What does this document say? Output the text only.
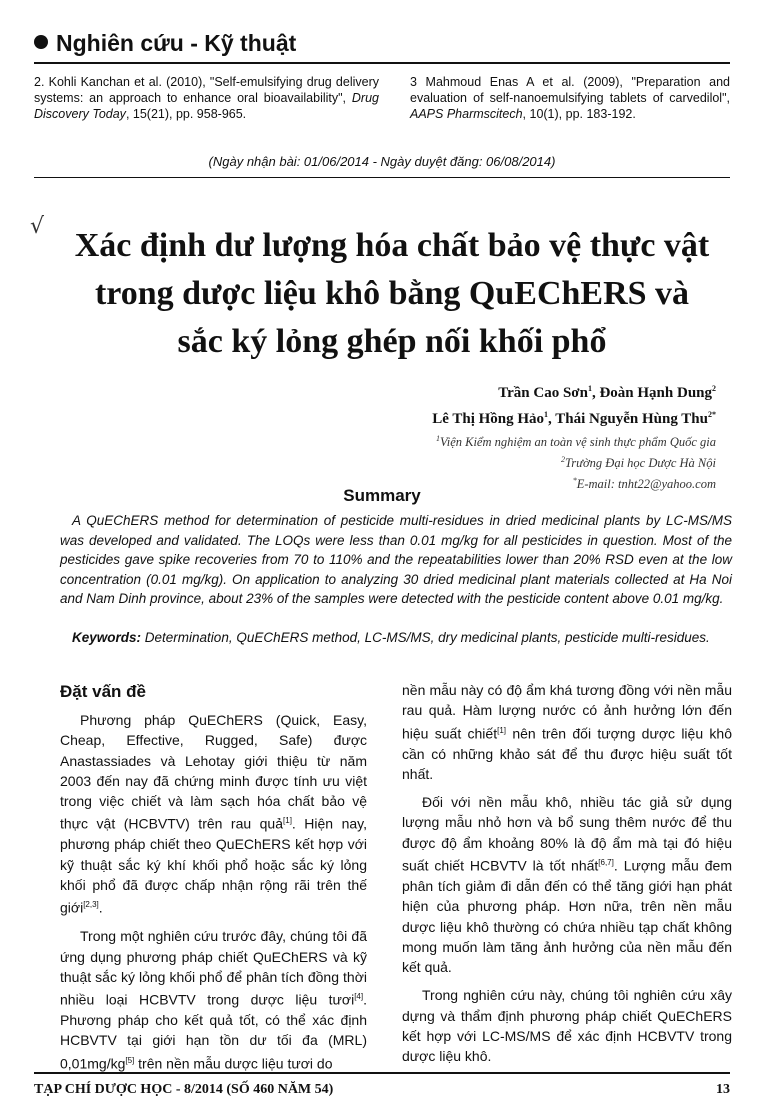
Nghiên cứu - Kỹ thuật
2. Kohli Kanchan et al. (2010), "Self-emulsifying drug delivery systems: an approach to enhance oral bioavailability", Drug Discovery Today, 15(21), pp. 958-965.
3 Mahmoud Enas A et al. (2009), "Preparation and evaluation of self-nanoemulsifying tablets of carvedilol", AAPS Pharmscitech, 10(1), pp. 183-192.
(Ngày nhận bài: 01/06/2014 - Ngày duyệt đăng: 06/08/2014)
√
Xác định dư lượng hóa chất bảo vệ thực vật
trong dược liệu khô bằng QuEChERS và
sắc ký lỏng ghép nối khối phổ
Trần Cao Sơn$^1$, Đoàn Hạnh Dung$^2$
Lê Thị Hồng Hảo$^1$, Thái Nguyễn Hùng Thu$^{2*}$
$^1$Viện Kiểm nghiệm an toàn vệ sinh thực phẩm Quốc gia
$^2$Trường Đại học Dược Hà Nội
*E-mail: tnht22@yahoo.com
Summary
A QuEChERS method for determination of pesticide multi-residues in dried medicinal plants by LC-MS/MS was developed and validated. The LOQs were less than 0.01 mg/kg for all pesticides in question. Most of the pesticides gave spike recoveries from 70 to 110% and the repeatabilities lower than 20% RSD even at the low concentration (0.01 mg/kg). On application to analyzing 30 dried medicinal plant materials collected at Ha Noi and Nam Dinh province, about 23% of the samples were detected with the pesticide content above 0.01 mg/kg.
Keywords: Determination, QuEChERS method, LC-MS/MS, dry medicinal plants, pesticide multi-residues.
Đặt vấn đề

Phương pháp QuEChERS (Quick, Easy, Cheap, Effective, Rugged, Safe) được Anastassiades và Lehotay giới thiệu từ năm 2003 đến nay đã chứng minh được tính ưu việt trong việc chiết và làm sạch hóa chất bảo vệ thực vật (HCBVTV) trên rau quả[1]. Hiện nay, phương pháp chiết theo QuEChERS kết hợp với kỹ thuật sắc ký khí khối phổ hoặc sắc ký lỏng khối phổ đã được chấp nhận rộng rãi trên thế giới[2,3].

Trong một nghiên cứu trước đây, chúng tôi đã ứng dụng phương pháp chiết QuEChERS và kỹ thuật sắc ký lỏng khối phổ để phân tích đồng thời nhiều loại HCBVTV trong dược liệu tươi[4]. Phương pháp cho kết quả tốt, có thể xác định HCBVTV tại giới hạn tồn dư tối đa (MRL) 0,01mg/kg[5] trên nền mẫu dược liệu tươi do

nền mẫu này có độ ẩm khá tương đồng với nền mẫu rau quả. Hàm lượng nước có ảnh hưởng lớn đến hiệu suất chiết[1] nên trên đối tượng dược liệu khô cần có những khảo sát để thu được hiệu suất tốt nhất.

Đối với nền mẫu khô, nhiều tác giả sử dụng lượng mẫu nhỏ hơn và bổ sung thêm nước để thu được độ ẩm khoảng 80% là độ ẩm mà tại đó hiệu suất chiết HCBVTV là tốt nhất[6,7]. Lượng mẫu đem phân tích giảm đi dẫn đến có thể tăng giới hạn phát hiện của phương pháp. Hơn nữa, trên nền mẫu dược liệu khô thường có chứa nhiều tạp chất không mong muốn làm tăng ảnh hưởng của nền mẫu đến kết quả.

Trong nghiên cứu này, chúng tôi nghiên cứu xây dựng và thẩm định phương pháp chiết QuEChERS kết hợp với LC-MS/MS để xác định HCBVTV trong dược liệu khô.

TẠP CHÍ DƯỢC HỌC - 8/2014 (SỐ 460 NĂM 54)	13
